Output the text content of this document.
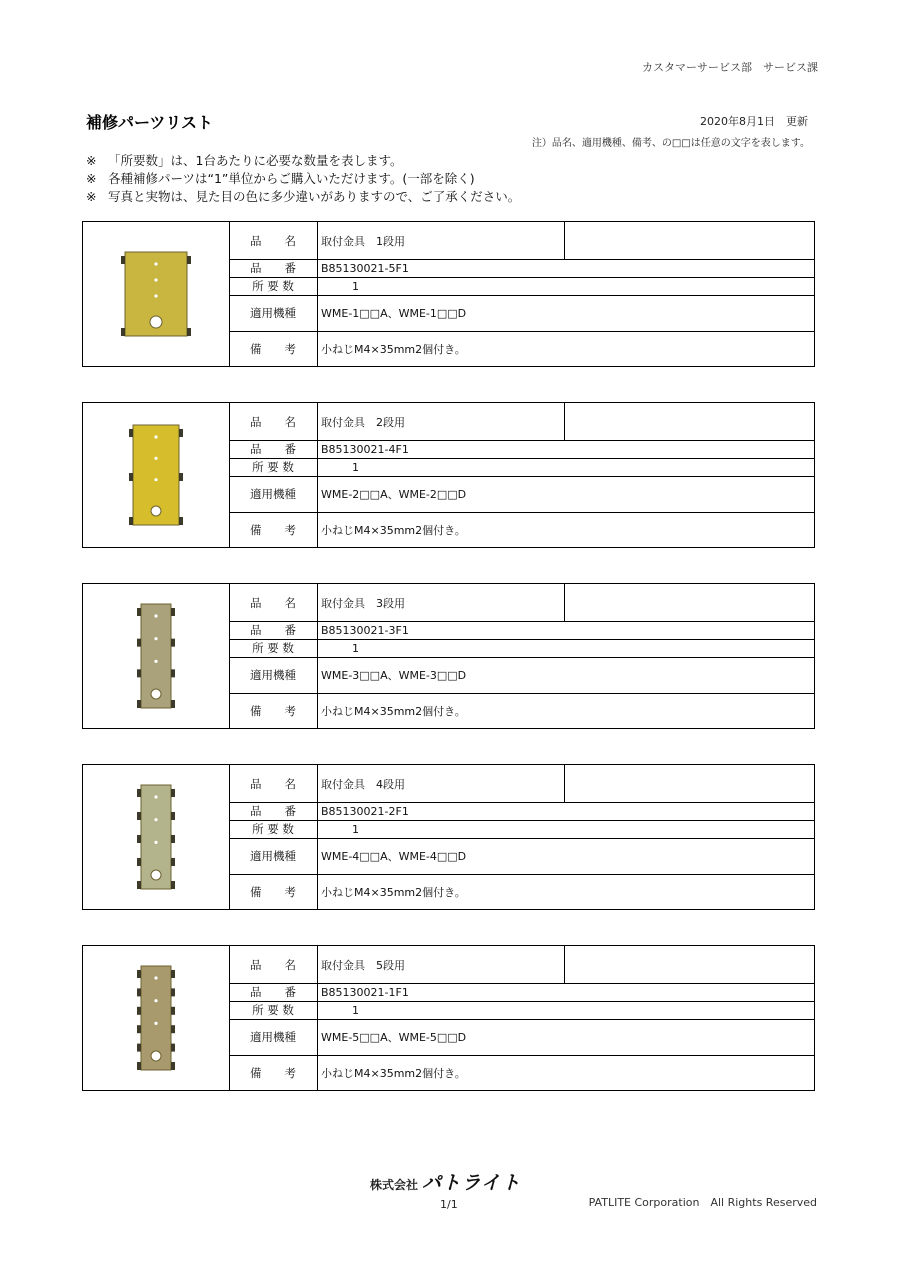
カスタマーサービス部　サービス課
補修パーツリスト	2020年8月1日　更新
注）品名、適用機種、備考、の□□は任意の文字を表します。
※ 「所要数」は、1台あたりに必要な数量を表します。
※ 各種補修パーツは“1”単位からご購入いただけます。(一部を除く)
※ 写真と実物は、見た目の色に多少違いがありますので、ご了承ください。
品　　名	取付金具　1段用
品　　番	B85130021-5F1
所 要 数	1
適用機種	WME-1□□A、WME-1□□D
備　　考	小ねじM4×35mm2個付き。
品　　名	取付金具　2段用
品　　番	B85130021-4F1
所 要 数	1
適用機種	WME-2□□A、WME-2□□D
備　　考	小ねじM4×35mm2個付き。
品　　名	取付金具　3段用
品　　番	B85130021-3F1
所 要 数	1
適用機種	WME-3□□A、WME-3□□D
備　　考	小ねじM4×35mm2個付き。
品　　名	取付金具　4段用
品　　番	B85130021-2F1
所 要 数	1
適用機種	WME-4□□A、WME-4□□D
備　　考	小ねじM4×35mm2個付き。
品　　名	取付金具　5段用
品　　番	B85130021-1F1
所 要 数	1
適用機種	WME-5□□A、WME-5□□D
備　　考	小ねじM4×35mm2個付き。
株式会社 パトライト
1/1	PATLITE Corporation　All Rights Reserved
